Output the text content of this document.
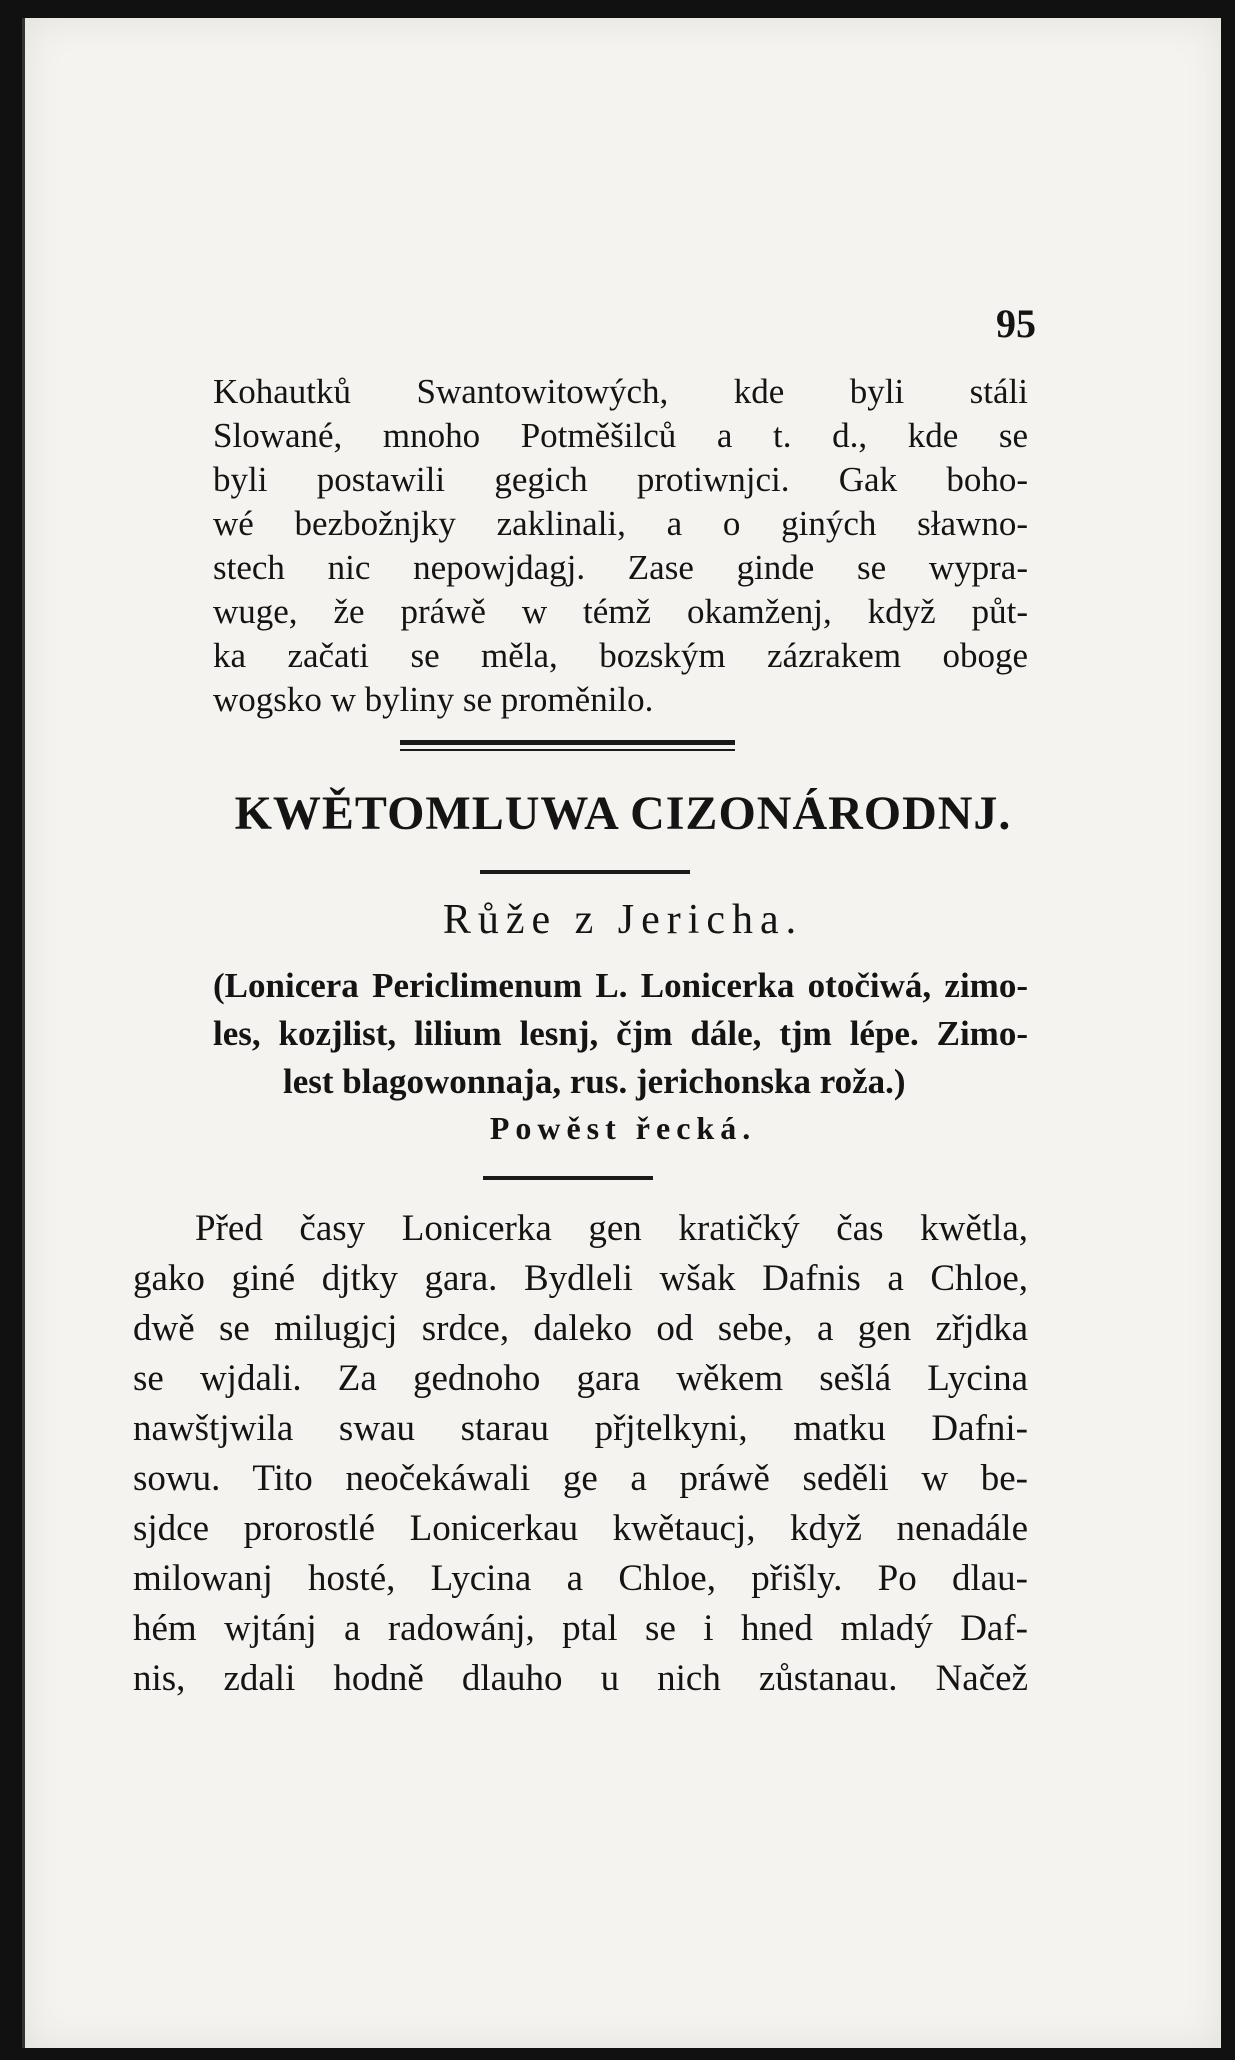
95
Kohautků Swantowitowých, kde byli stáli
Slowané, mnoho Potměšilců a t. d., kde se
byli postawili gegich protiwnjci. Gak boho-
wé bezbožnjky zaklinali, a o giných sławno-
stech nic nepowjdagj. Zase ginde se wypra-
wuge, že práwě w témž okamženj, když půt-
ka začati se měla, bozským zázrakem oboge
wogsko w byliny se proměnilo.
KWĚTOMLUWA CIZONÁRODNJ.
Růže z Jericha.
(Lonicera Periclimenum L. Lonicerka otočiwá, zimo-
les, kozjlist, lilium lesnj, čjm dále, tjm lépe. Zimo-
lest blagowonnaja, rus. jerichonska roža.)
Powěst řecká.
Před časy Lonicerka gen kratičký čas kwětla,
gako giné djtky gara. Bydleli wšak Dafnis a Chloe,
dwě se milugjcj srdce, daleko od sebe, a gen zřjdka
se wjdali. Za gednoho gara wěkem sešlá Lycina
nawštjwila swau starau přjtelkyni, matku Dafni-
sowu. Tito neočekáwali ge a práwě seděli w be-
sjdce prorostlé Lonicerkau kwětaucj, když nenadále
milowanj hosté, Lycina a Chloe, přišly. Po dlau-
hém wjtánj a radowánj, ptal se i hned mladý Daf-
nis, zdali hodně dlauho u nich zůstanau. Načež
